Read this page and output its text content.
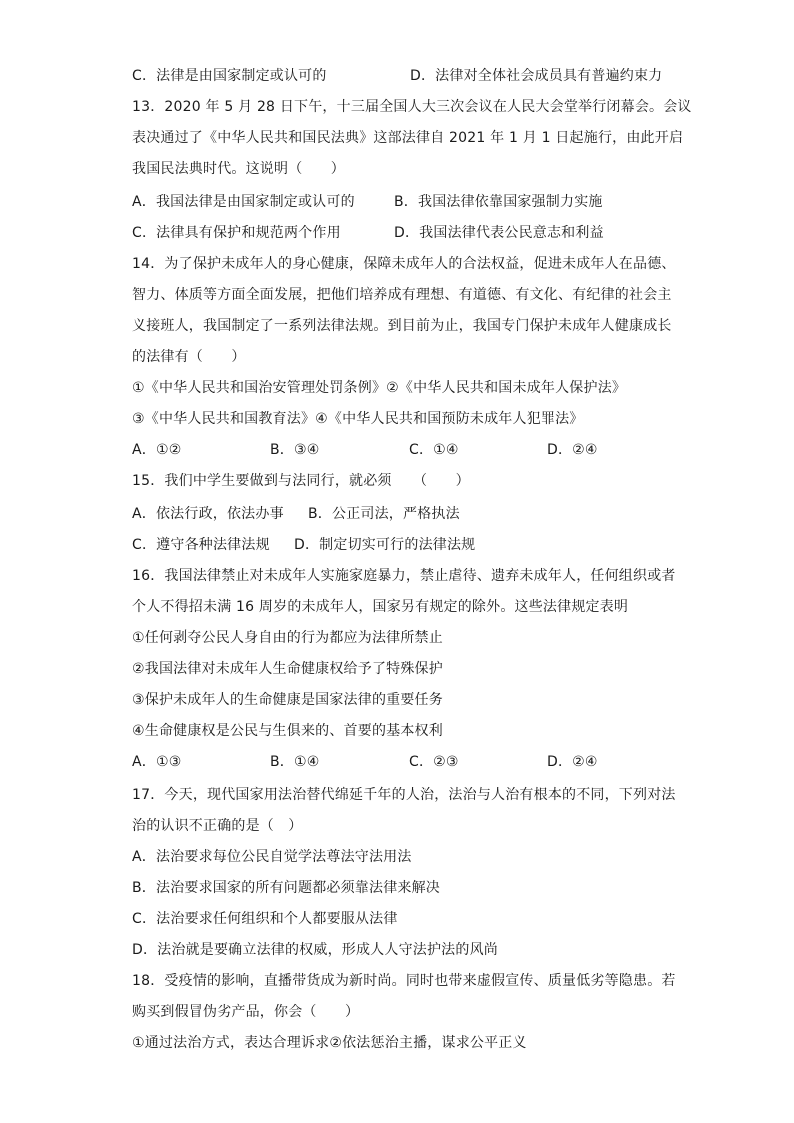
C．法律是由国家制定或认可的	D．法律对全体社会成员具有普遍约束力
13．2020 年 5 月 28 日下午，十三届全国人大三次会议在人民大会堂举行闭幕会。会议
表决通过了《中华人民共和国民法典》这部法律自 2021 年 1 月 1 日起施行，由此开启
我国民法典时代。这说明（　　）
A．我国法律是由国家制定或认可的	B．我国法律依靠国家强制力实施
C．法律具有保护和规范两个作用	D．我国法律代表公民意志和利益
14．为了保护未成年人的身心健康，保障未成年人的合法权益，促进未成年人在品德、
智力、体质等方面全面发展，把他们培养成有理想、有道德、有文化、有纪律的社会主
义接班人，我国制定了一系列法律法规。到目前为止，我国专门保护未成年人健康成长
的法律有（　　）
①《中华人民共和国治安管理处罚条例》②《中华人民共和国未成年人保护法》
③《中华人民共和国教育法》④《中华人民共和国预防未成年人犯罪法》
A．①②	B．③④	C．①④	D．②④
15．我们中学生要做到与法同行，就必须　　（　　）
A．依法行政，依法办事 B．公正司法，严格执法
C．遵守各种法律法规 D．制定切实可行的法律法规
16．我国法律禁止对未成年人实施家庭暴力，禁止虐待、遗弃未成年人，任何组织或者
个人不得招未满 16 周岁的未成年人，国家另有规定的除外。这些法律规定表明
①任何剥夺公民人身自由的行为都应为法律所禁止
②我国法律对未成年人生命健康权给予了特殊保护
③保护未成年人的生命健康是国家法律的重要任务
④生命健康权是公民与生俱来的、首要的基本权利
A．①③	B．①④	C．②③	D．②④
17．今天，现代国家用法治替代绵延千年的人治，法治与人治有根本的不同，下列对法
治的认识不正确的是（　）
A．法治要求每位公民自觉学法尊法守法用法
B．法治要求国家的所有问题都必须靠法律来解决
C．法治要求任何组织和个人都要服从法律
D．法治就是要确立法律的权威，形成人人守法护法的风尚
18．受疫情的影响，直播带货成为新时尚。同时也带来虚假宣传、质量低劣等隐患。若
购买到假冒伪劣产品，你会（　　）
①通过法治方式，表达合理诉求②依法惩治主播，谋求公平正义
